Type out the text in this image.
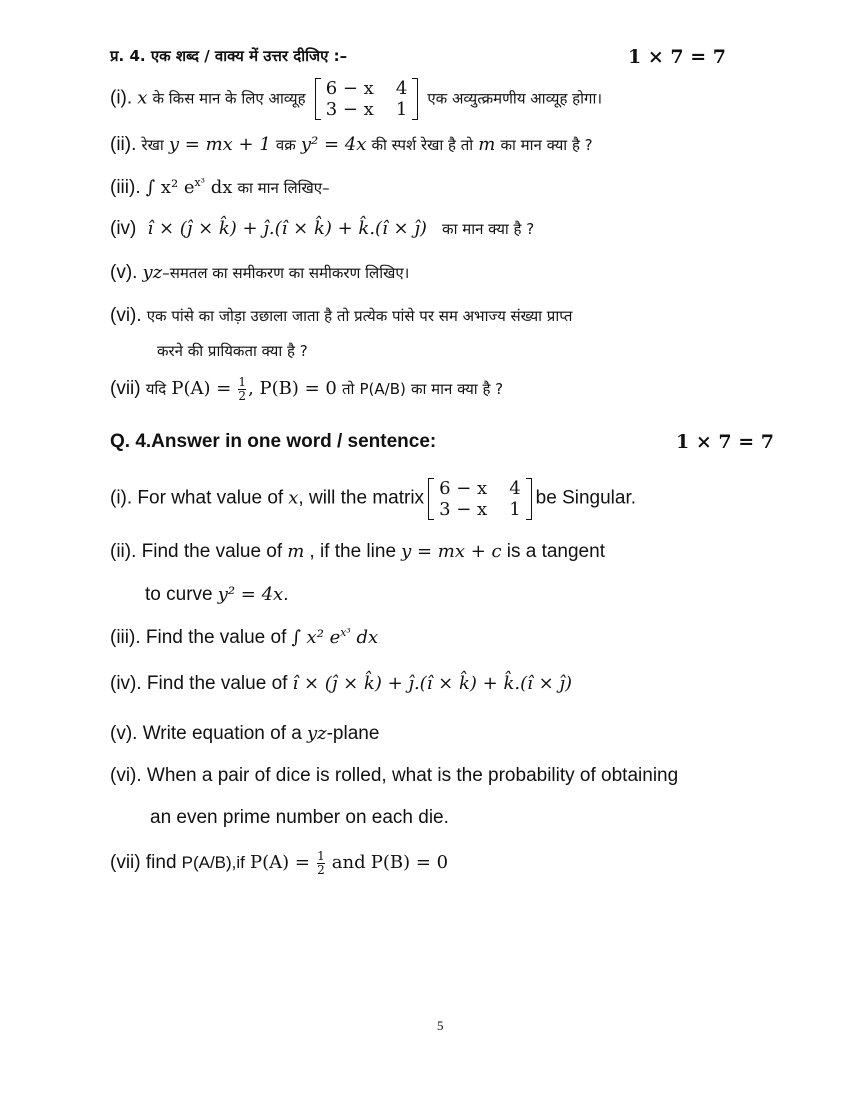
प्र. 4. एक शब्द / वाक्य में उत्तर दीजिए :–	1 × 7 = 7
(i). x के किस मान के लिए आव्यूह 6 − x	4
3 − x	1
एक अव्युत्क्रमणीय आव्यूह होगा।
(ii). रेखा y = mx + 1 वक्र y² = 4x की स्पर्श रेखा है तो m का मान क्या है ?
(iii). ∫ x² $e^{x^3}$ dx का मान लिखिए–
(iv) î × (ĵ × k̂) + ĵ.(î × k̂) + k̂.(î × ĵ) का मान क्या है ?
(v). yz–समतल का समीकरण का समीकरण लिखिए।
(vi). एक पांसे का जोड़ा उछाला जाता है तो प्रत्येक पांसे पर सम अभाज्य संख्या प्राप्त
करने की प्रायिकता क्या है ?
(vii) यदि $P(A) = \frac{1}{2}$ , P(B) = 0 तो P(A/B) का मान क्या है ?
Q. 4.Answer in one word / sentence:	1 × 7 = 7
(i). For what value of x, will the matrix 6 − x	4
3 − x	1
be Singular.
(ii). Find the value of m , if the line y = mx + c is a tangent
to curve y² = 4x.
(iii). Find the value of ∫ x² $e^{x^3}$ dx
(iv). Find the value of î × (ĵ × k̂) + ĵ.(î × k̂) + k̂.(î × ĵ)
(v). Write equation of a yz-plane
(vi). When a pair of dice is rolled, what is the probability of obtaining
an even prime number on each die.
(vii) find P(A/B),if $P(A) = \frac{1}{2}$ and P(B) = 0
5
